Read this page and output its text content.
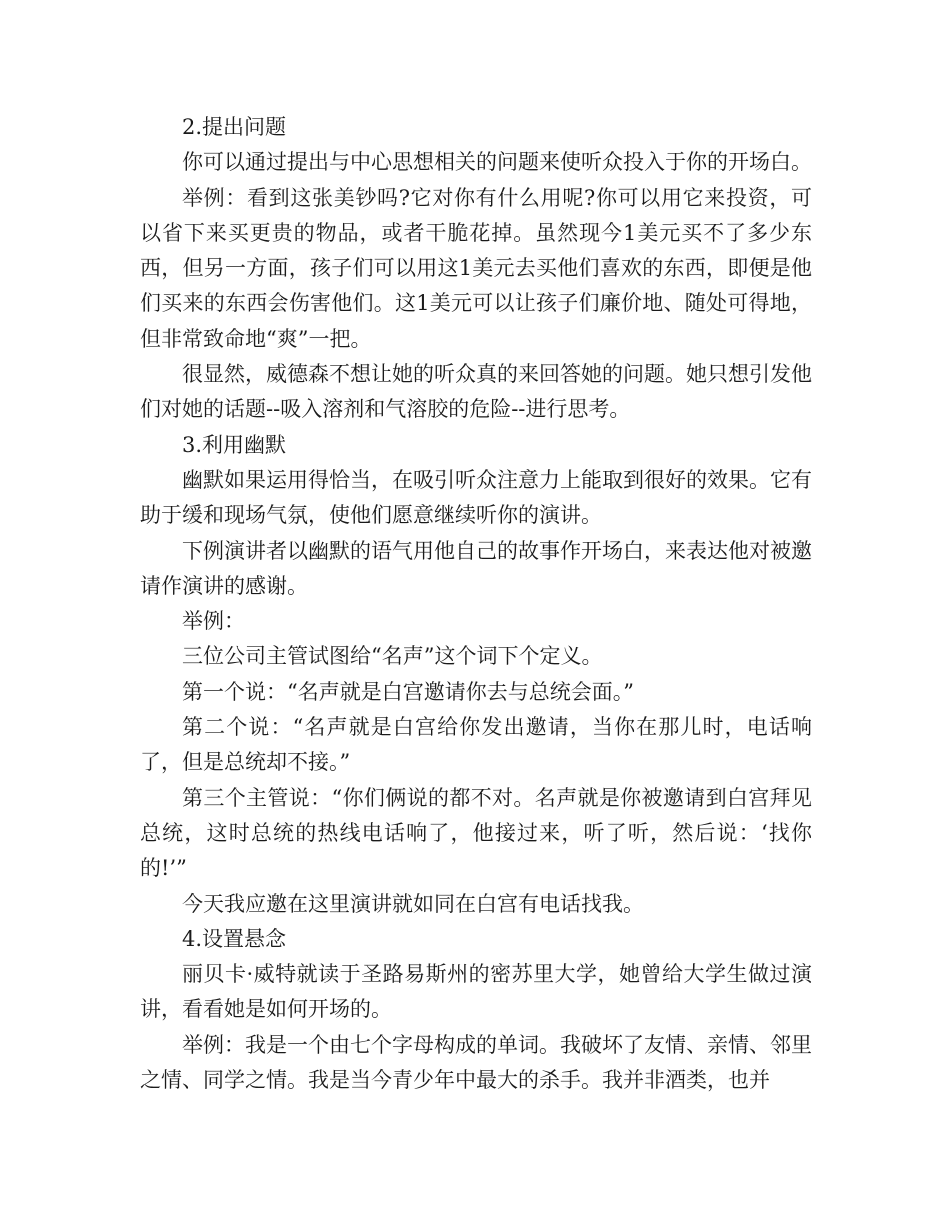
2.提出问题

你可以通过提出与中心思想相关的问题来使听众投入于你的开场白。

举例：看到这张美钞吗?它对你有什么用呢?你可以用它来投资，可以省下来买更贵的物品，或者干脆花掉。虽然现今1美元买不了多少东西，但另一方面，孩子们可以用这1美元去买他们喜欢的东西，即便是他们买来的东西会伤害他们。这1美元可以让孩子们廉价地、随处可得地，但非常致命地“爽”一把。

很显然，威德森不想让她的听众真的来回答她的问题。她只想引发他们对她的话题--吸入溶剂和气溶胶的危险--进行思考。

3.利用幽默

幽默如果运用得恰当，在吸引听众注意力上能取到很好的效果。它有助于缓和现场气氛，使他们愿意继续听你的演讲。

下例演讲者以幽默的语气用他自己的故事作开场白，来表达他对被邀请作演讲的感谢。

举例：

三位公司主管试图给“名声”这个词下个定义。

第一个说：“名声就是白宫邀请你去与总统会面。”

第二个说：“名声就是白宫给你发出邀请，当你在那儿时，电话响了，但是总统却不接。”

第三个主管说：“你们俩说的都不对。名声就是你被邀请到白宫拜见总统，这时总统的热线电话响了，他接过来，听了听，然后说：‘找你的!’”

今天我应邀在这里演讲就如同在白宫有电话找我。

4.设置悬念

丽贝卡·威特就读于圣路易斯州的密苏里大学，她曾给大学生做过演讲，看看她是如何开场的。

举例：我是一个由七个字母构成的单词。我破坏了友情、亲情、邻里之情、同学之情。我是当今青少年中最大的杀手。我并非酒类，也并
